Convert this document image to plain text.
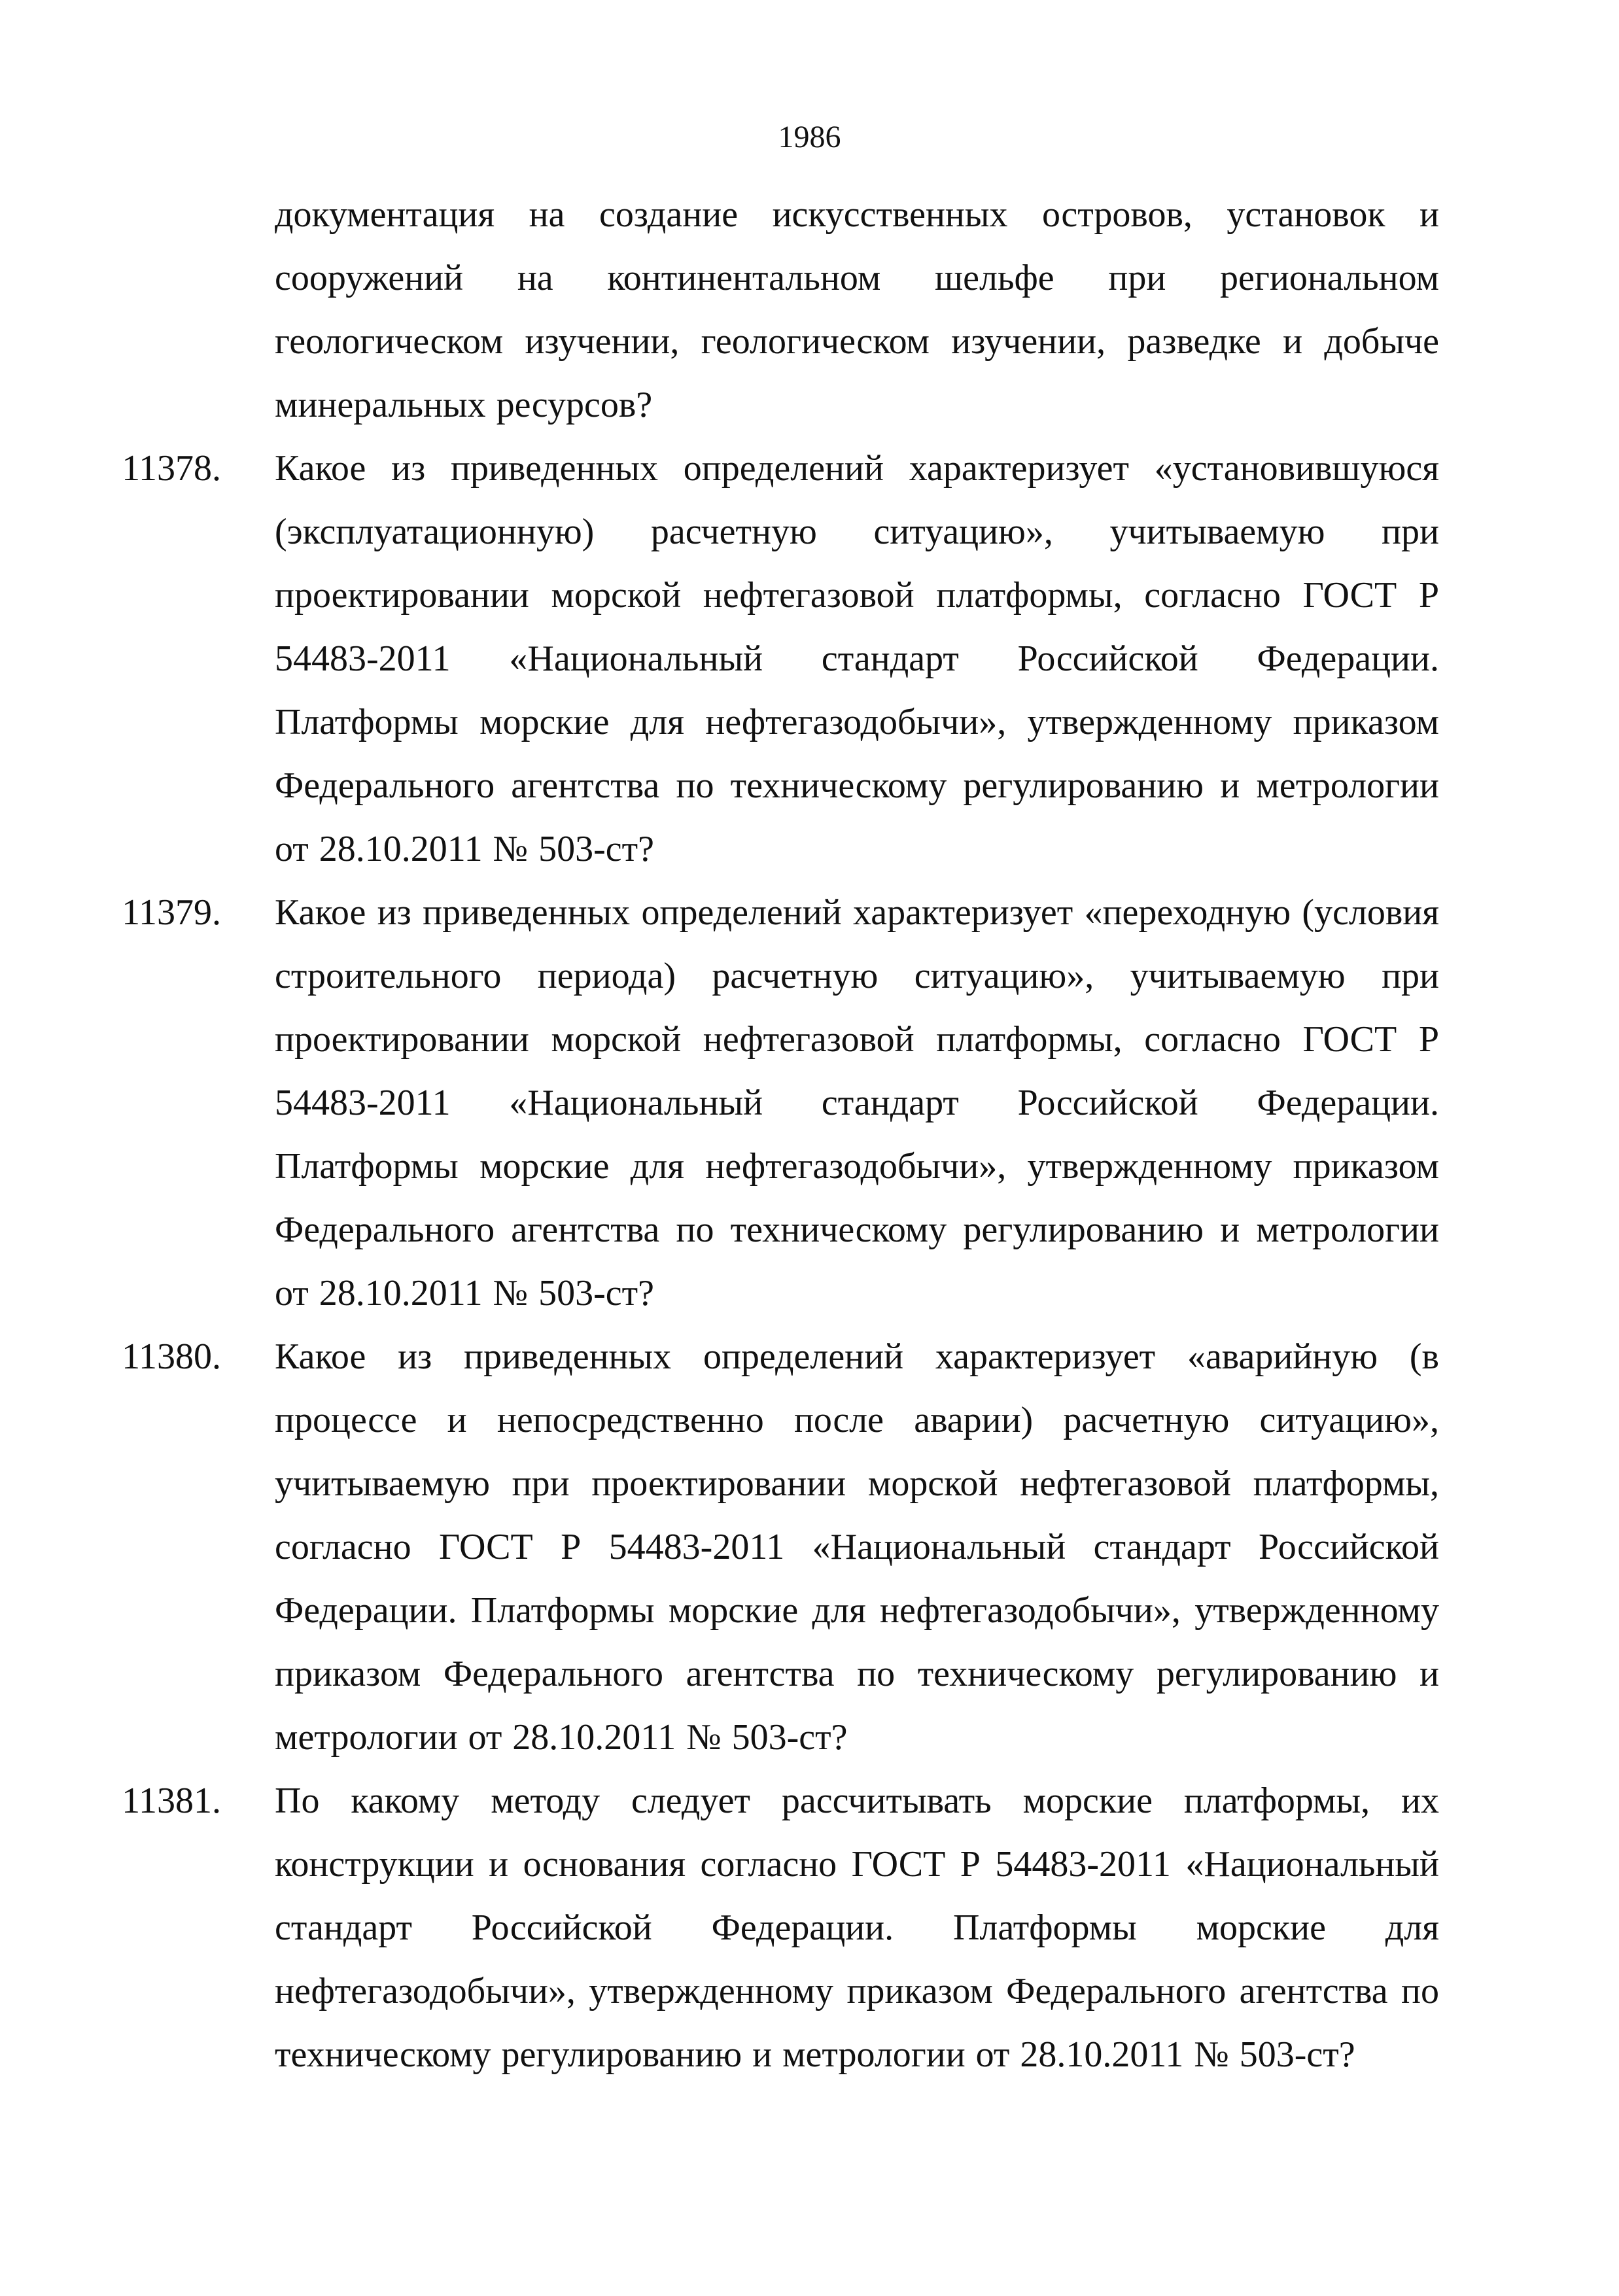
1986

документация на создание искусственных островов, установок и сооружений на континентальном шельфе при региональном геологическом изучении, геологическом изучении, разведке и добыче минеральных ресурсов?

11378. Какое из приведенных определений характеризует «установившуюся (эксплуатационную) расчетную ситуацию», учитываемую при проектировании морской нефтегазовой платформы, согласно ГОСТ Р 54483-2011 «Национальный стандарт Российской Федерации. Платформы морские для нефтегазодобычи», утвержденному приказом Федерального агентства по техническому регулированию и метрологии от 28.10.2011 № 503-ст?
11379. Какое из приведенных определений характеризует «переходную (условия строительного периода) расчетную ситуацию», учитываемую при проектировании морской нефтегазовой платформы, согласно ГОСТ Р 54483-2011 «Национальный стандарт Российской Федерации. Платформы морские для нефтегазодобычи», утвержденному приказом Федерального агентства по техническому регулированию и метрологии от 28.10.2011 № 503-ст?
11380. Какое из приведенных определений характеризует «аварийную (в процессе и непосредственно после аварии) расчетную ситуацию», учитываемую при проектировании морской нефтегазовой платформы, согласно ГОСТ Р 54483-2011 «Национальный стандарт Российской Федерации. Платформы морские для нефтегазодобычи», утвержденному приказом Федерального агентства по техническому регулированию и метрологии от 28.10.2011 № 503-ст?
11381. По какому методу следует рассчитывать морские платформы, их конструкции и основания согласно ГОСТ Р 54483-2011 «Национальный стандарт Российской Федерации. Платформы морские для нефтегазодобычи», утвержденному приказом Федерального агентства по техническому регулированию и метрологии от 28.10.2011 № 503-ст?
